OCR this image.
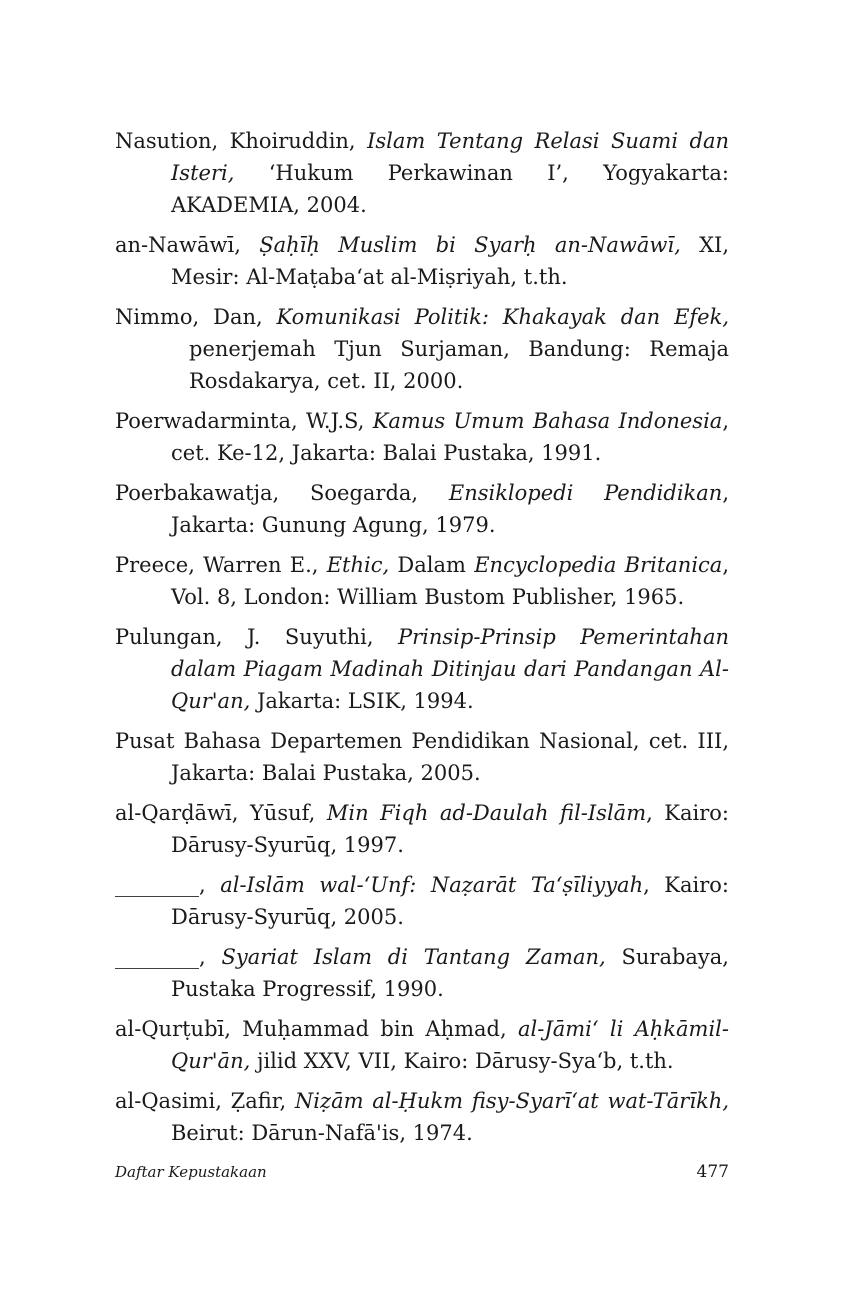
Nasution, Khoiruddin, Islam Tentang Relasi Suami dan Isteri, ‘Hukum Perkawinan I’, Yogyakarta: AKADEMIA, 2004.

an-Nawāwī, Ṣaḥīḥ Muslim bi Syarḥ an-Nawāwī, XI, Mesir: Al-Maṭaba‘at al-Miṣriyah, t.th.

Nimmo, Dan, Komunikasi Politik: Khakayak dan Efek, penerjemah Tjun Surjaman, Bandung: Remaja Rosdakarya, cet. II, 2000.

Poerwadarminta, W.J.S, Kamus Umum Bahasa Indonesia, cet. Ke-12, Jakarta: Balai Pustaka, 1991.

Poerbakawatja, Soegarda, Ensiklopedi Pendidikan, Jakarta: Gunung Agung, 1979.

Preece, Warren E., Ethic, Dalam Encyclopedia Britanica, Vol. 8, London: William Bustom Publisher, 1965.

Pulungan, J. Suyuthi, Prinsip-Prinsip Pemerintahan dalam Piagam Madinah Ditinjau dari Pandangan Al-Qur'an, Jakarta: LSIK, 1994.

Pusat Bahasa Departemen Pendidikan Nasional, cet. III, Jakarta: Balai Pustaka, 2005.

al-Qarḍāwī, Yūsuf, Min Fiqh ad-Daulah fil-Islām, Kairo: Dārusy-Syurūq, 1997.

________, al-Islām wal-‘Unf: Naẓarāt Ta‘ṣīliyyah, Kairo: Dārusy-Syurūq, 2005.

________, Syariat Islam di Tantang Zaman, Surabaya, Pustaka Progressif, 1990.

al-Qurṭubī, Muḥammad bin Aḥmad, al-Jāmi‘ li Aḥkāmil-Qur'ān, jilid XXV, VII, Kairo: Dārusy-Sya‘b, t.th.

al-Qasimi, Ẓafir, Niẓām al-Ḥukm fisy-Syarī‘at wat-Tārīkh, Beirut: Dārun-Nafā'is, 1974.

Daftar Kepustakaan	477
